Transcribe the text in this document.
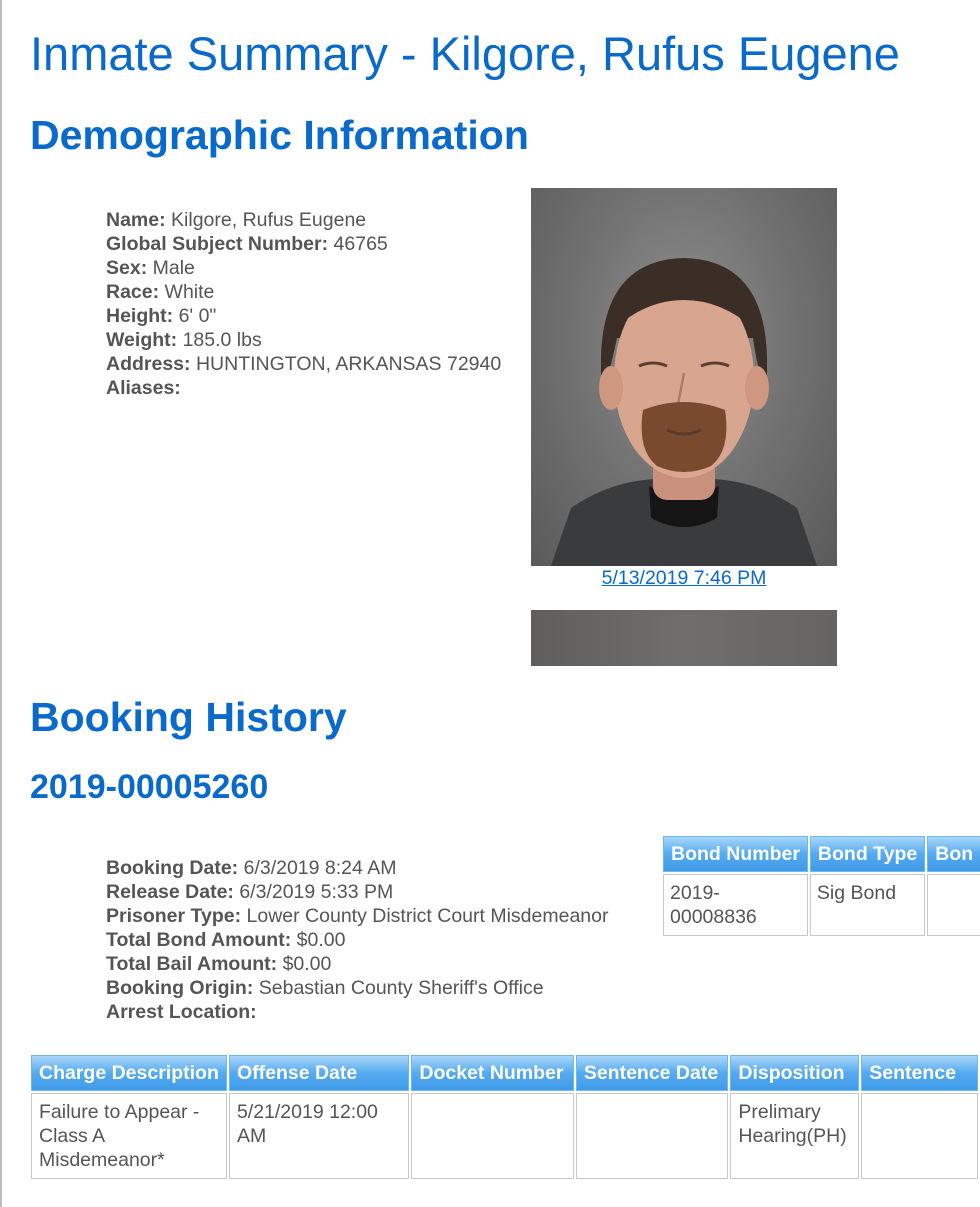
Inmate Summary - Kilgore, Rufus Eugene
Demographic Information
Name: Kilgore, Rufus Eugene
Global Subject Number: 46765
Sex: Male
Race: White
Height: 6' 0"
Weight: 185.0 lbs
Address: HUNTINGTON, ARKANSAS 72940
Aliases:
5/13/2019 7:46 PM
Booking History
2019-00005260
Booking Date: 6/3/2019 8:24 AM
Release Date: 6/3/2019 5:33 PM
Prisoner Type: Lower County District Court Misdemeanor
Total Bond Amount: $0.00
Total Bail Amount: $0.00
Booking Origin: Sebastian County Sheriff's Office
Arrest Location:
Bond Number	Bond Type	Bon
2019-00008836	Sig Bond	
Charge Description	Offense Date	Docket Number	Sentence Date	Disposition	Sentence
Failure to Appear - Class A Misdemeanor*	5/21/2019 12:00 AM			Prelimary Hearing(PH)	
